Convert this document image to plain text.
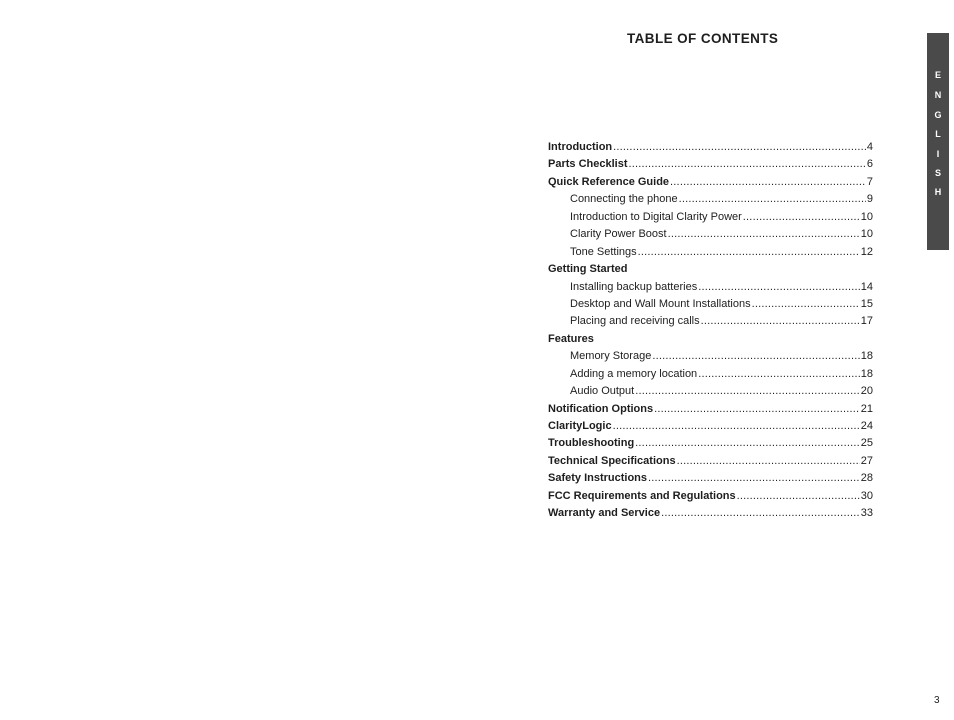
TABLE OF CONTENTS
E
N
G
L
I
S
H
Introduction .....	4
Parts Checklist .....	6
Quick Reference Guide .....	7
Connecting the phone .....	9
Introduction to Digital Clarity Power .....	10
Clarity Power Boost .....	10
Tone Settings .....	12
Getting Started
Installing backup batteries .....	14
Desktop and Wall Mount Installations .....	15
Placing and receiving calls .....	17
Features
Memory Storage .....	18
Adding a memory location .....	18
Audio Output .....	20
Notification Options .....	21
ClarityLogic .....	24
Troubleshooting .....	25
Technical Specifications .....	27
Safety Instructions .....	28
FCC Requirements and Regulations .....	30
Warranty and Service .....	33
3
